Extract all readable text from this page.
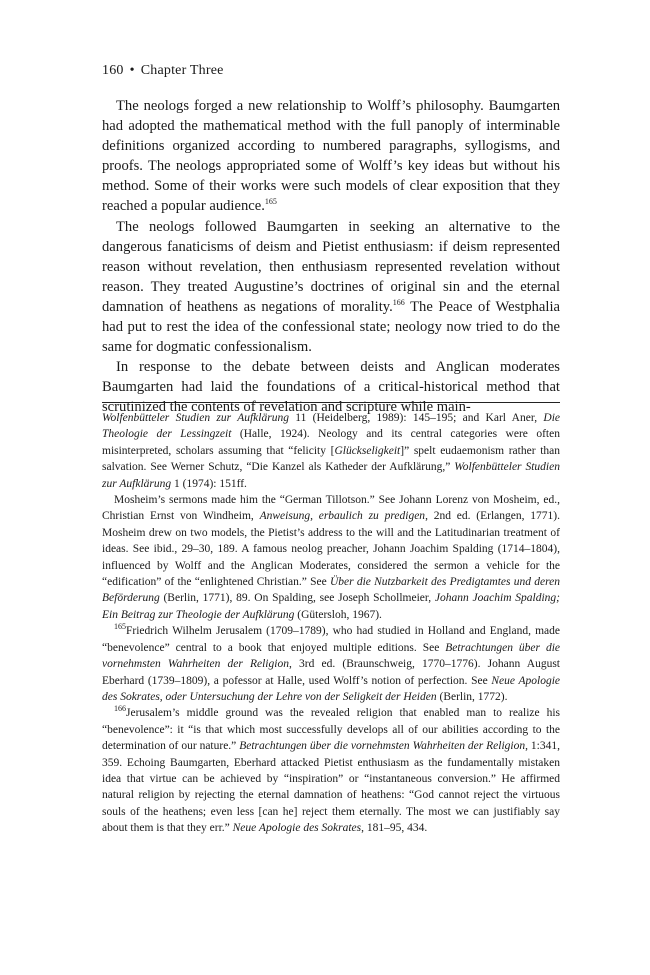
160 • Chapter Three

The neologs forged a new relationship to Wolff’s philosophy. Baumgarten had adopted the mathematical method with the full panoply of interminable definitions organized according to numbered paragraphs, syllogisms, and proofs. The neologs appropriated some of Wolff’s key ideas but without his method. Some of their works were such models of clear exposition that they reached a popular audience.$^{165}$

The neologs followed Baumgarten in seeking an alternative to the dangerous fanaticisms of deism and Pietist enthusiasm: if deism represented reason without revelation, then enthusiasm represented revelation without reason. They treated Augustine’s doctrines of original sin and the eternal damnation of heathens as negations of morality.$^{166}$ The Peace of Westphalia had put to rest the idea of the confessional state; neology now tried to do the same for dogmatic confessionalism.

In response to the debate between deists and Anglican moderates Baumgarten had laid the foundations of a critical-historical method that scrutinized the contents of revelation and scripture while main-

Wolfenbütteler Studien zur Aufklärung 11 (Heidelberg, 1989): 145–195; and Karl Aner, Die Theologie der Lessingzeit (Halle, 1924). Neology and its central categories were often misinterpreted, scholars assuming that “felicity [Glückseligkeit]” spelt eudaemonism rather than salvation. See Werner Schutz, “Die Kanzel als Katheder der Aufklärung,” Wolfenbütteler Studien zur Aufklärung 1 (1974): 151ff.

Mosheim’s sermons made him the “German Tillotson.” See Johann Lorenz von Mosheim, ed., Christian Ernst von Windheim, Anweisung, erbaulich zu predigen, 2nd ed. (Erlangen, 1771). Mosheim drew on two models, the Pietist’s address to the will and the Latitudinarian treatment of ideas. See ibid., 29–30, 189. A famous neolog preacher, Johann Joachim Spalding (1714–1804), influenced by Wolff and the Anglican Moderates, considered the sermon a vehicle for the “edification” of the “enlightened Christian.” See Über die Nutzbarkeit des Predigtamtes und deren Beförderung (Berlin, 1771), 89. On Spalding, see Joseph Schollmeier, Johann Joachim Spalding; Ein Beitrag zur Theologie der Aufklärung (Gütersloh, 1967).

$^{165}$Friedrich Wilhelm Jerusalem (1709–1789), who had studied in Holland and England, made “benevolence” central to a book that enjoyed multiple editions. See Betrachtungen über die vornehmsten Wahrheiten der Religion, 3rd ed. (Braunschweig, 1770–1776). Johann August Eberhard (1739–1809), a pofessor at Halle, used Wolff’s notion of perfection. See Neue Apologie des Sokrates, oder Untersuchung der Lehre von der Seligkeit der Heiden (Berlin, 1772).

$^{166}$Jerusalem’s middle ground was the revealed religion that enabled man to realize his “benevolence”: it “is that which most successfully develops all of our abilities according to the determination of our nature.” Betrachtungen über die vornehmsten Wahrheiten der Religion, 1:341, 359. Echoing Baumgarten, Eberhard attacked Pietist enthusiasm as the fundamentally mistaken idea that virtue can be achieved by “inspiration” or “instantaneous conversion.” He affirmed natural religion by rejecting the eternal damnation of heathens: “God cannot reject the virtuous souls of the heathens; even less [can he] reject them eternally. The most we can justifiably say about them is that they err.” Neue Apologie des Sokrates, 181–95, 434.
